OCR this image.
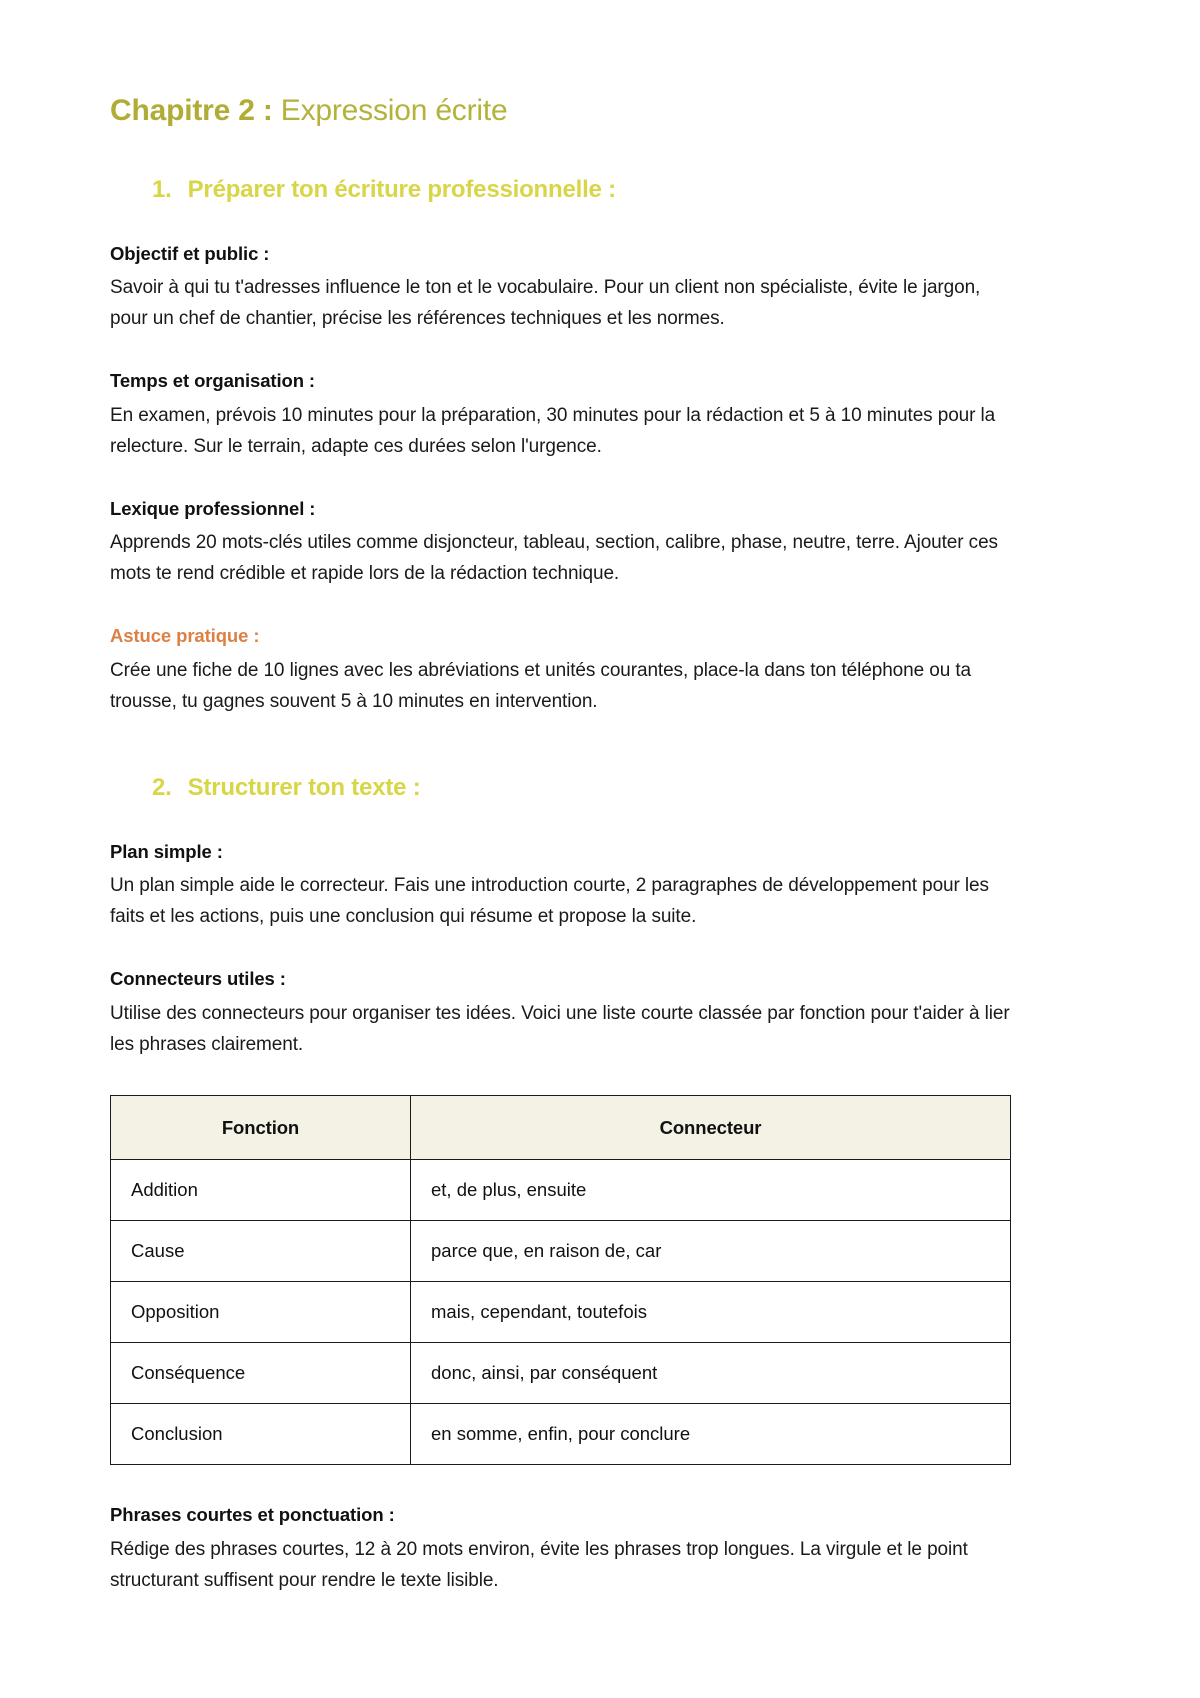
Chapitre 2 : Expression écrite
1. Préparer ton écriture professionnelle :
Objectif et public :

Savoir à qui tu t'adresses influence le ton et le vocabulaire. Pour un client non spécialiste, évite le jargon, pour un chef de chantier, précise les références techniques et les normes.

Temps et organisation :

En examen, prévois 10 minutes pour la préparation, 30 minutes pour la rédaction et 5 à 10 minutes pour la relecture. Sur le terrain, adapte ces durées selon l'urgence.

Lexique professionnel :

Apprends 20 mots-clés utiles comme disjoncteur, tableau, section, calibre, phase, neutre, terre. Ajouter ces mots te rend crédible et rapide lors de la rédaction technique.

Astuce pratique :

Crée une fiche de 10 lignes avec les abréviations et unités courantes, place-la dans ton téléphone ou ta trousse, tu gagnes souvent 5 à 10 minutes en intervention.

2. Structurer ton texte :
Plan simple :

Un plan simple aide le correcteur. Fais une introduction courte, 2 paragraphes de développement pour les faits et les actions, puis une conclusion qui résume et propose la suite.

Connecteurs utiles :

Utilise des connecteurs pour organiser tes idées. Voici une liste courte classée par fonction pour t'aider à lier les phrases clairement.

Fonction	Connecteur
Addition	et, de plus, ensuite
Cause	parce que, en raison de, car
Opposition	mais, cependant, toutefois
Conséquence	donc, ainsi, par conséquent
Conclusion	en somme, enfin, pour conclure
Phrases courtes et ponctuation :

Rédige des phrases courtes, 12 à 20 mots environ, évite les phrases trop longues. La virgule et le point structurant suffisent pour rendre le texte lisible.
